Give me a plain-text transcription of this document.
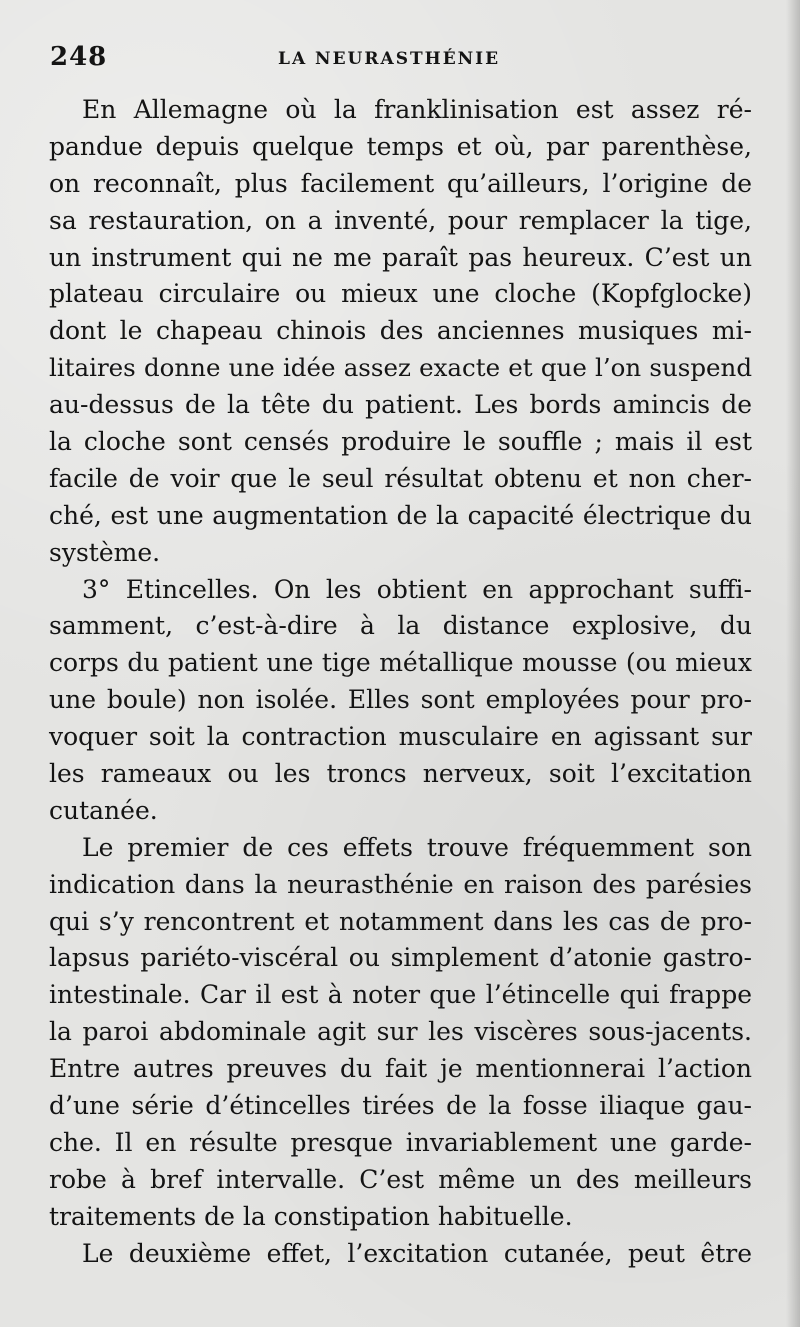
248	LA NEURASTHÉNIE
En Allemagne où la franklinisation est assez ré-
pandue depuis quelque temps et où, par parenthèse,
on reconnaît, plus facilement qu’ailleurs, l’origine de
sa restauration, on a inventé, pour remplacer la tige,
un instrument qui ne me paraît pas heureux. C’est un
plateau circulaire ou mieux une cloche (Kopfglocke)
dont le chapeau chinois des anciennes musiques mi-
litaires donne une idée assez exacte et que l’on suspend
au-dessus de la tête du patient. Les bords amincis de
la cloche sont censés produire le souffle ; mais il est
facile de voir que le seul résultat obtenu et non cher-
ché, est une augmentation de la capacité électrique du
système.
3° Etincelles. On les obtient en approchant suffi-
samment, c’est-à-dire à la distance explosive, du
corps du patient une tige métallique mousse (ou mieux
une boule) non isolée. Elles sont employées pour pro-
voquer soit la contraction musculaire en agissant sur
les rameaux ou les troncs nerveux, soit l’excitation
cutanée.
Le premier de ces effets trouve fréquemment son
indication dans la neurasthénie en raison des parésies
qui s’y rencontrent et notamment dans les cas de pro-
lapsus pariéto-viscéral ou simplement d’atonie gastro-
intestinale. Car il est à noter que l’étincelle qui frappe
la paroi abdominale agit sur les viscères sous-jacents.
Entre autres preuves du fait je mentionnerai l’action
d’une série d’étincelles tirées de la fosse iliaque gau-
che. Il en résulte presque invariablement une garde-
robe à bref intervalle. C’est même un des meilleurs
traitements de la constipation habituelle.
Le deuxième effet, l’excitation cutanée, peut être
